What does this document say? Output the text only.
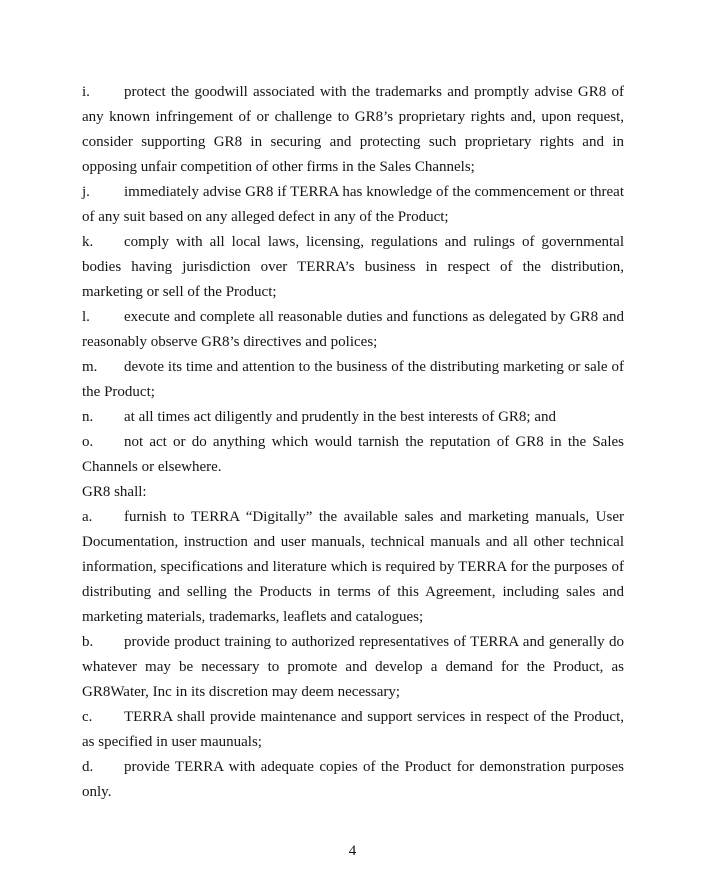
i. protect the goodwill associated with the trademarks and promptly advise GR8 of any known infringement of or challenge to GR8’s proprietary rights and, upon request, consider supporting GR8 in securing and protecting such proprietary rights and in opposing unfair competition of other firms in the Sales Channels;

j. immediately advise GR8 if TERRA has knowledge of the commencement or threat of any suit based on any alleged defect in any of the Product;

k. comply with all local laws, licensing, regulations and rulings of governmental bodies having jurisdiction over TERRA’s business in respect of the distribution, marketing or sell of the Product;

l. execute and complete all reasonable duties and functions as delegated by GR8 and reasonably observe GR8’s directives and polices;

m. devote its time and attention to the business of the distributing marketing or sale of the Product;

n. at all times act diligently and prudently in the best interests of GR8; and

o. not act or do anything which would tarnish the reputation of GR8 in the Sales Channels or elsewhere.

GR8 shall:

a. furnish to TERRA “Digitally” the available sales and marketing manuals, User Documentation, instruction and user manuals, technical manuals and all other technical information, specifications and literature which is required by TERRA for the purposes of distributing and selling the Products in terms of this Agreement, including sales and marketing materials, trademarks, leaflets and catalogues;

b. provide product training to authorized representatives of TERRA and generally do whatever may be necessary to promote and develop a demand for the Product, as GR8Water, Inc in its discretion may deem necessary;

c. TERRA shall provide maintenance and support services in respect of the Product, as specified in user maunuals;

d. provide TERRA with adequate copies of the Product for demonstration purposes only.

4
